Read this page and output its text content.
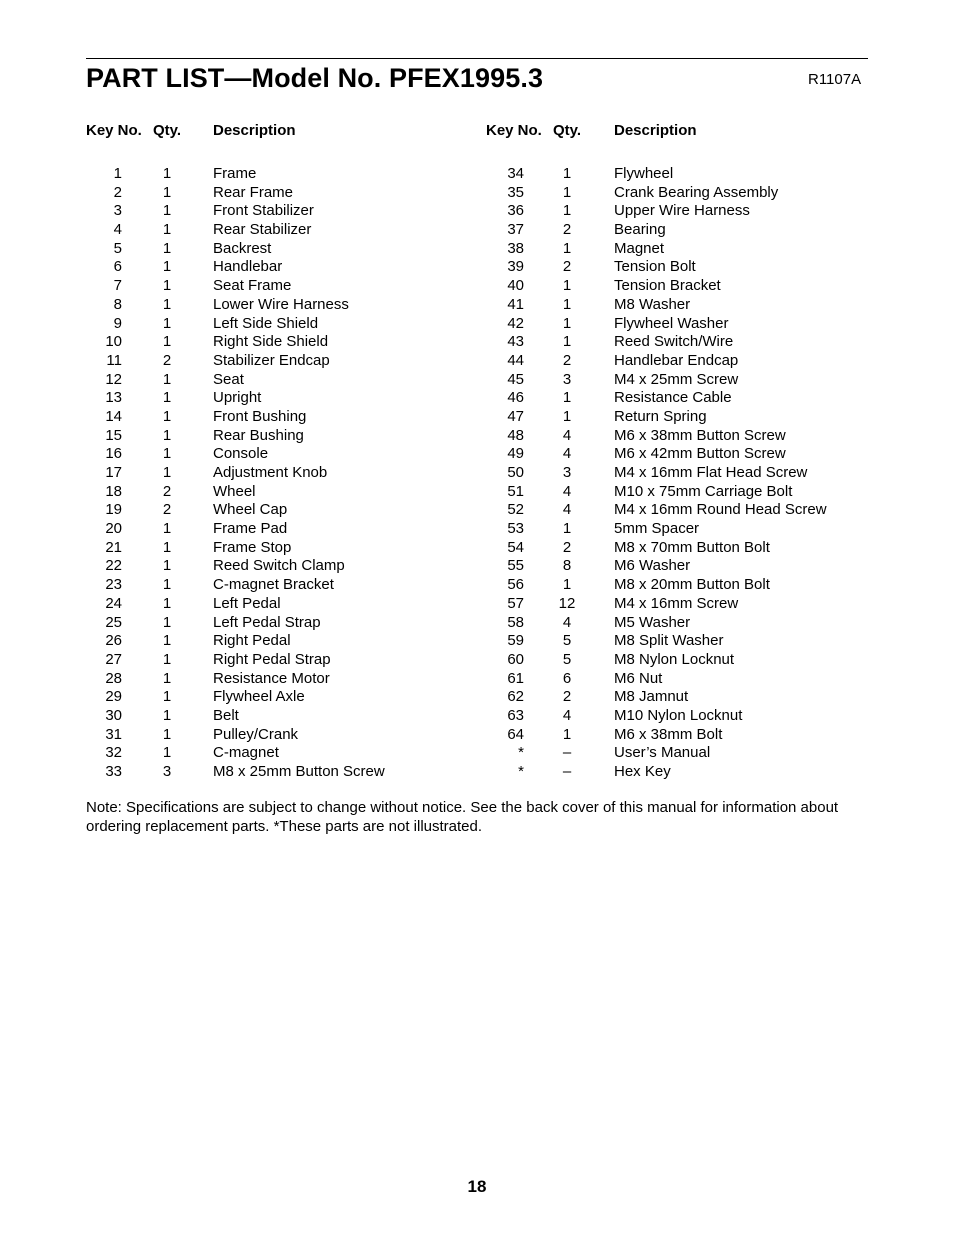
PART LIST—Model No. PFEX1995.3	R1107A
Key No. Qty. Description
1	1	Frame
2	1	Rear Frame
3	1	Front Stabilizer
4	1	Rear Stabilizer
5	1	Backrest
6	1	Handlebar
7	1	Seat Frame
8	1	Lower Wire Harness
9	1	Left Side Shield
10	1	Right Side Shield
11	2	Stabilizer Endcap
12	1	Seat
13	1	Upright
14	1	Front Bushing
15	1	Rear Bushing
16	1	Console
17	1	Adjustment Knob
18	2	Wheel
19	2	Wheel Cap
20	1	Frame Pad
21	1	Frame Stop
22	1	Reed Switch Clamp
23	1	C-magnet Bracket
24	1	Left Pedal
25	1	Left Pedal Strap
26	1	Right Pedal
27	1	Right Pedal Strap
28	1	Resistance Motor
29	1	Flywheel Axle
30	1	Belt
31	1	Pulley/Crank
32	1	C-magnet
33	3	M8 x 25mm Button Screw
Key No. Qty. Description
34	1	Flywheel
35	1	Crank Bearing Assembly
36	1	Upper Wire Harness
37	2	Bearing
38	1	Magnet
39	2	Tension Bolt
40	1	Tension Bracket
41	1	M8 Washer
42	1	Flywheel Washer
43	1	Reed Switch/Wire
44	2	Handlebar Endcap
45	3	M4 x 25mm Screw
46	1	Resistance Cable
47	1	Return Spring
48	4	M6 x 38mm Button Screw
49	4	M6 x 42mm Button Screw
50	3	M4 x 16mm Flat Head Screw
51	4	M10 x 75mm Carriage Bolt
52	4	M4 x 16mm Round Head Screw
53	1	5mm Spacer
54	2	M8 x 70mm Button Bolt
55	8	M6 Washer
56	1	M8 x 20mm Button Bolt
57 12	M4 x 16mm Screw
58	4	M5 Washer
59	5	M8 Split Washer
60	5	M8 Nylon Locknut
61	6	M6 Nut
62	2	M8 Jamnut
63	4	M10 Nylon Locknut
64	1	M6 x 38mm Bolt
*	–	User’s Manual
*	–	Hex Key
Note: Specifications are subject to change without notice. See the back cover of this manual for information about ordering replacement parts. *These parts are not illustrated.
18
